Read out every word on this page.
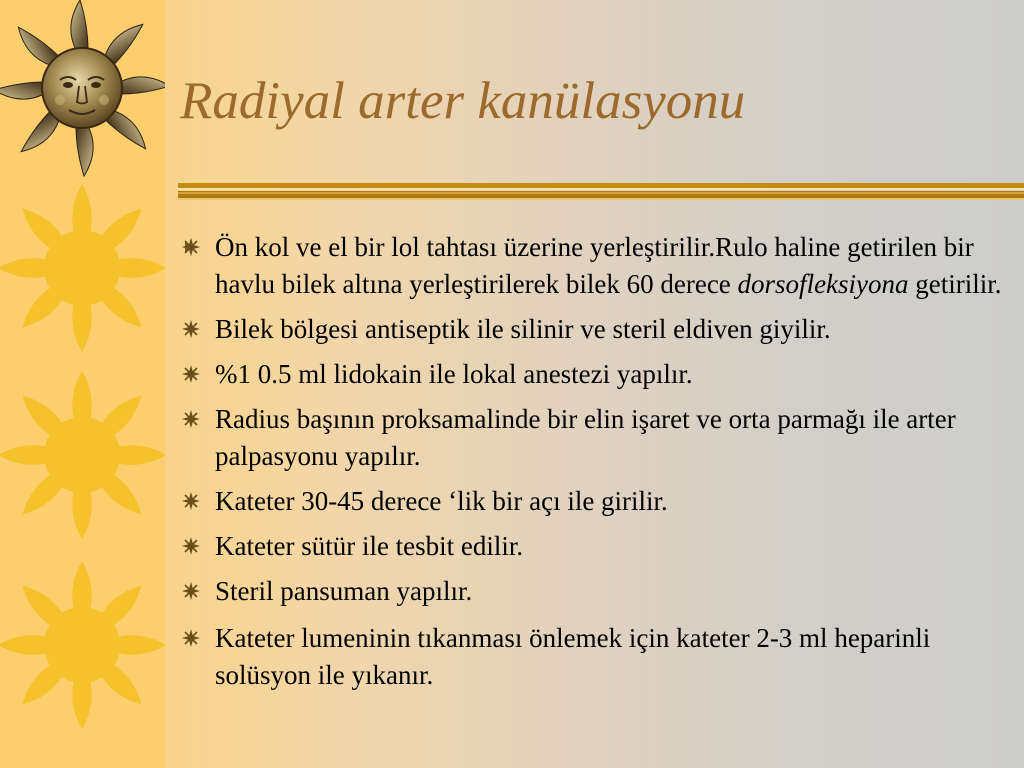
Radiyal arter kanülasyonu
Ön kol ve el bir lol tahtası üzerine yerleştirilir.Rulo haline getirilen bir havlu bilek altına yerleştirilerek bilek 60 derece dorsofleksiyona getirilir.
Bilek bölgesi antiseptik ile silinir ve steril eldiven giyilir.
%1 0.5 ml lidokain ile lokal anestezi yapılır.
Radius başının proksamalinde bir elin işaret ve orta parmağı ile arter palpasyonu yapılır.
Kateter 30-45 derece ‘lik bir açı ile girilir.
Kateter sütür ile tesbit edilir.
Steril pansuman yapılır.
Kateter lumeninin tıkanması önlemek için kateter 2-3 ml heparinli solüsyon ile yıkanır.
